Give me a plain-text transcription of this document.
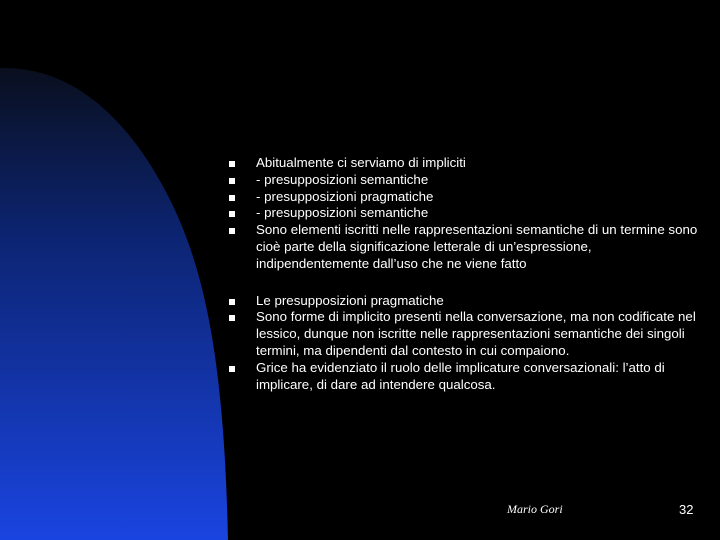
Abitualmente ci serviamo di impliciti
- presupposizioni semantiche
- presupposizioni pragmatiche
- presupposizioni semantiche
Sono elementi iscritti nelle rappresentazioni semantiche di un termine sono cioè parte della significazione letterale di un’espressione, indipendentemente dall’uso che ne viene fatto
Le presupposizioni pragmatiche
Sono forme di implicito presenti nella conversazione, ma non codificate nel lessico, dunque non iscritte nelle rappresentazioni semantiche dei singoli termini, ma dipendenti dal contesto in cui compaiono.
Grice ha evidenziato il ruolo delle implicature conversazionali: l’atto di implicare, di dare ad intendere qualcosa.
Mario Gori	32
